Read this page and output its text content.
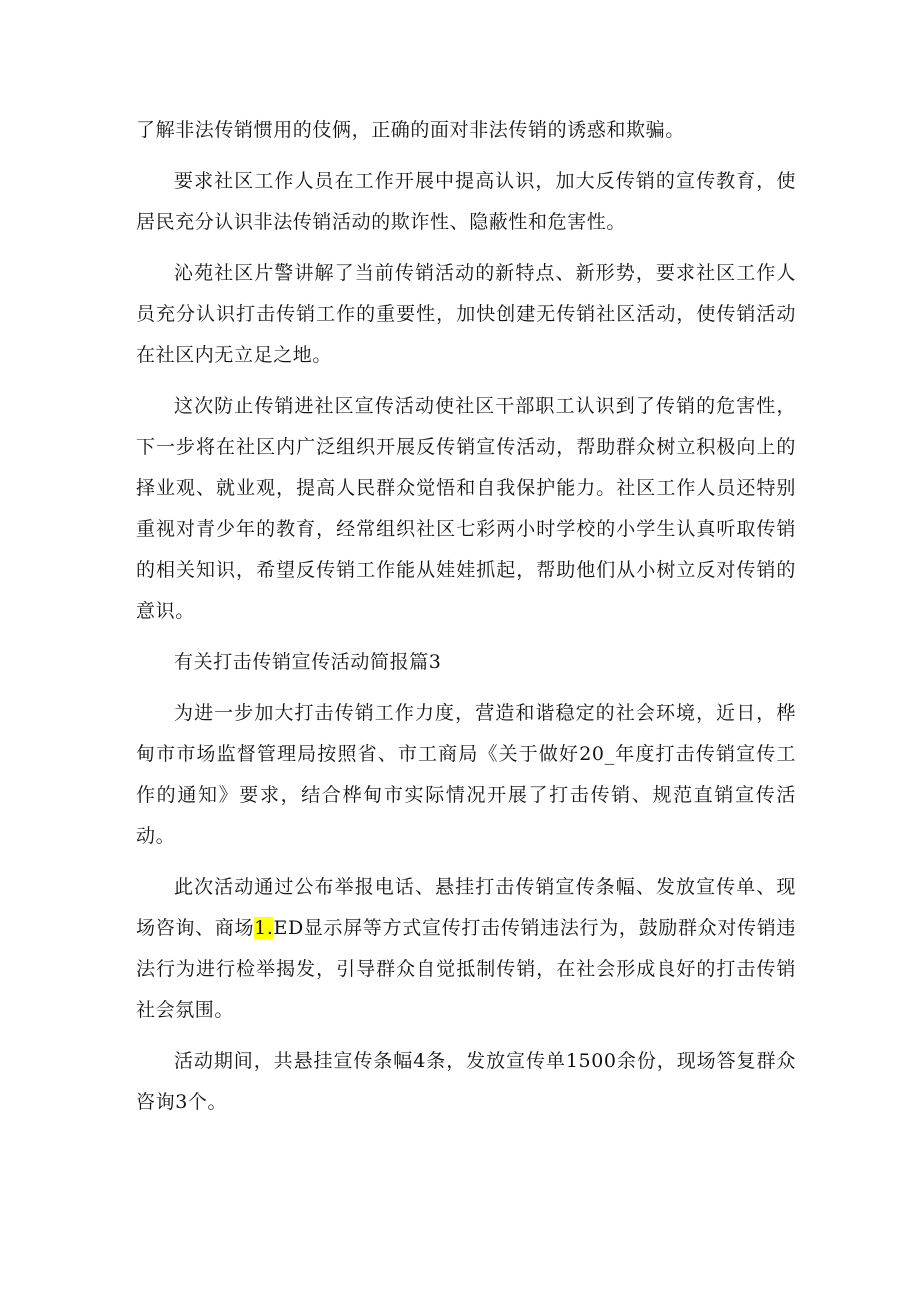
了解非法传销惯用的伎俩，正确的面对非法传销的诱惑和欺骗。

要求社区工作人员在工作开展中提高认识，加大反传销的宣传教育，使居民充分认识非法传销活动的欺诈性、隐蔽性和危害性。

沁苑社区片警讲解了当前传销活动的新特点、新形势，要求社区工作人员充分认识打击传销工作的重要性，加快创建无传销社区活动，使传销活动在社区内无立足之地。

这次防止传销进社区宣传活动使社区干部职工认识到了传销的危害性，下一步将在社区内广泛组织开展反传销宣传活动，帮助群众树立积极向上的择业观、就业观，提高人民群众觉悟和自我保护能力。社区工作人员还特别重视对青少年的教育，经常组织社区七彩两小时学校的小学生认真听取传销的相关知识，希望反传销工作能从娃娃抓起，帮助他们从小树立反对传销的意识。

有关打击传销宣传活动简报篇3

为进一步加大打击传销工作力度，营造和谐稳定的社会环境，近日，桦甸市市场监督管理局按照省、市工商局《关于做好20_年度打击传销宣传工作的通知》要求，结合桦甸市实际情况开展了打击传销、规范直销宣传活动。

此次活动通过公布举报电话、悬挂打击传销宣传条幅、发放宣传单、现场咨询、商场1.ED显示屏等方式宣传打击传销违法行为，鼓励群众对传销违法行为进行检举揭发，引导群众自觉抵制传销，在社会形成良好的打击传销社会氛围。

活动期间，共悬挂宣传条幅4条，发放宣传单1500余份，现场答复群众咨询3个。
